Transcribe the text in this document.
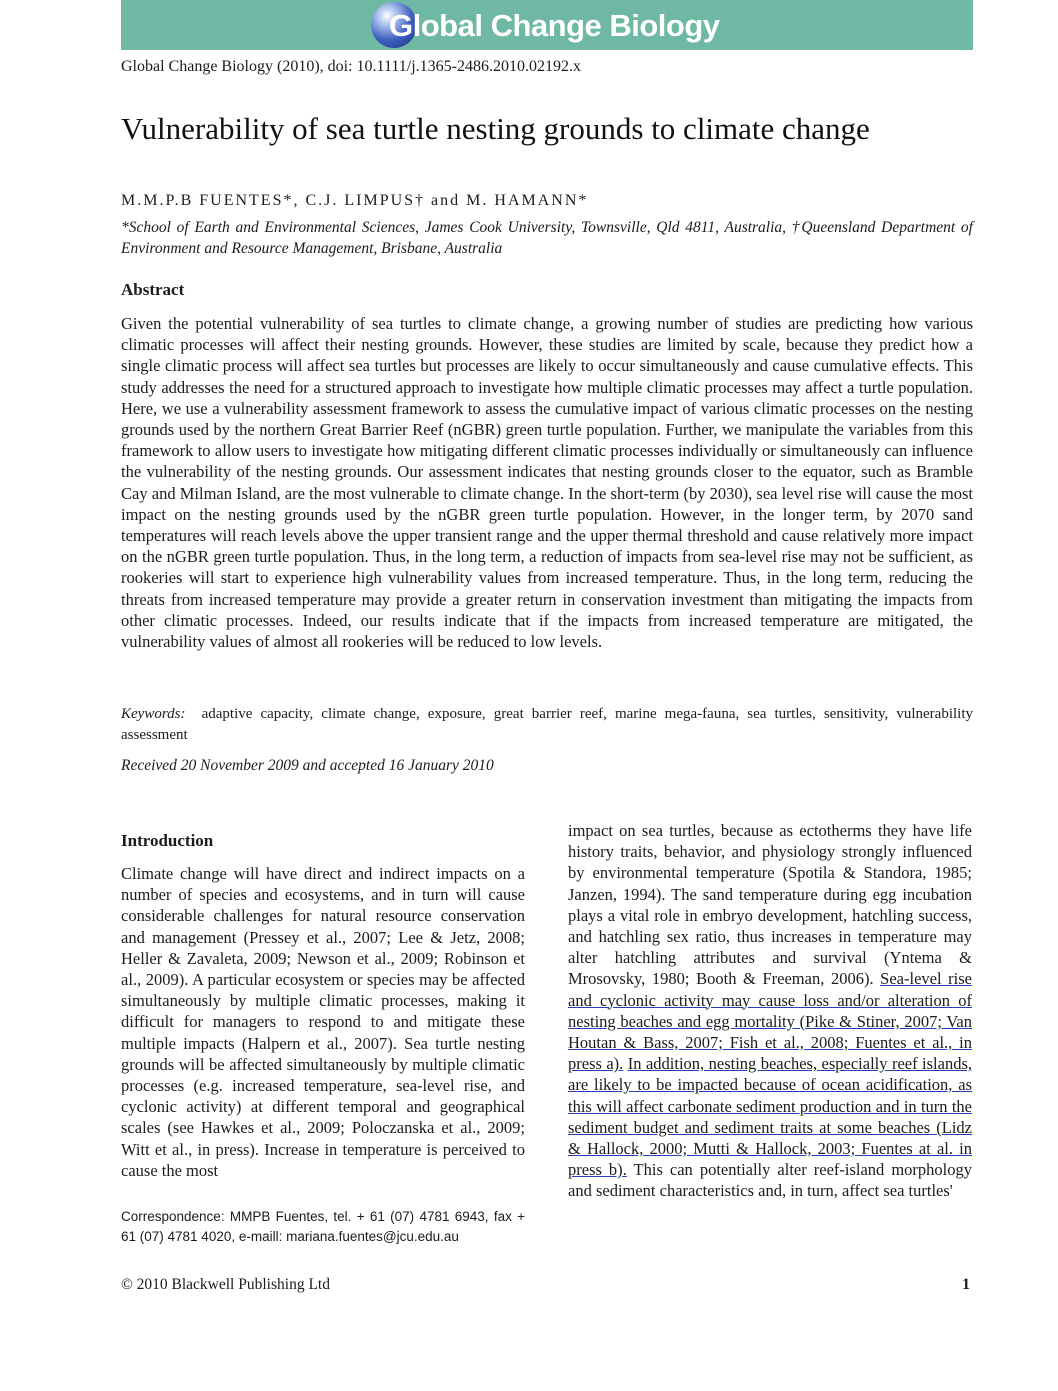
Global Change Biology
Global Change Biology (2010), doi: 10.1111/j.1365-2486.2010.02192.x
Vulnerability of sea turtle nesting grounds to climate change
M.M.P.B FUENTES*, C.J. LIMPUS† and M. HAMANN*
*School of Earth and Environmental Sciences, James Cook University, Townsville, Qld 4811, Australia, †Queensland Department of Environment and Resource Management, Brisbane, Australia
Abstract

Given the potential vulnerability of sea turtles to climate change, a growing number of studies are predicting how various climatic processes will affect their nesting grounds. However, these studies are limited by scale, because they predict how a single climatic process will affect sea turtles but processes are likely to occur simultaneously and cause cumulative effects. This study addresses the need for a structured approach to investigate how multiple climatic processes may affect a turtle population. Here, we use a vulnerability assessment framework to assess the cumulative impact of various climatic processes on the nesting grounds used by the northern Great Barrier Reef (nGBR) green turtle population. Further, we manipulate the variables from this framework to allow users to investigate how mitigating different climatic processes individually or simultaneously can influence the vulnerability of the nesting grounds. Our assessment indicates that nesting grounds closer to the equator, such as Bramble Cay and Milman Island, are the most vulnerable to climate change. In the short-term (by 2030), sea level rise will cause the most impact on the nesting grounds used by the nGBR green turtle population. However, in the longer term, by 2070 sand temperatures will reach levels above the upper transient range and the upper thermal threshold and cause relatively more impact on the nGBR green turtle population. Thus, in the long term, a reduction of impacts from sea-level rise may not be sufficient, as rookeries will start to experience high vulnerability values from increased temperature. Thus, in the long term, reducing the threats from increased temperature may provide a greater return in conservation investment than mitigating the impacts from other climatic processes. Indeed, our results indicate that if the impacts from increased temperature are mitigated, the vulnerability values of almost all rookeries will be reduced to low levels.

Keywords: adaptive capacity, climate change, exposure, great barrier reef, marine mega-fauna, sea turtles, sensitivity, vulnerability assessment

Received 20 November 2009 and accepted 16 January 2010

Introduction

Climate change will have direct and indirect impacts on a number of species and ecosystems, and in turn will cause considerable challenges for natural resource conservation and management (Pressey et al., 2007; Lee & Jetz, 2008; Heller & Zavaleta, 2009; Newson et al., 2009; Robinson et al., 2009). A particular ecosystem or species may be affected simultaneously by multiple climatic processes, making it difficult for managers to respond to and mitigate these multiple impacts (Halpern et al., 2007). Sea turtle nesting grounds will be affected simultaneously by multiple climatic processes (e.g. increased temperature, sea-level rise, and cyclonic activity) at different temporal and geographical scales (see Hawkes et al., 2009; Poloczanska et al., 2009; Witt et al., in press). Increase in temperature is perceived to cause the most

impact on sea turtles, because as ectotherms they have life history traits, behavior, and physiology strongly influenced by environmental temperature (Spotila & Standora, 1985; Janzen, 1994). The sand temperature during egg incubation plays a vital role in embryo development, hatchling success, and hatchling sex ratio, thus increases in temperature may alter hatchling attributes and survival (Yntema & Mrosovsky, 1980; Booth & Freeman, 2006). Sea-level rise and cyclonic activity may cause loss and/or alteration of nesting beaches and egg mortality (Pike & Stiner, 2007; Van Houtan & Bass, 2007; Fish et al., 2008; Fuentes et al., in press a). In addition, nesting beaches, especially reef islands, are likely to be impacted because of ocean acidification, as this will affect carbonate sediment production and in turn the sediment budget and sediment traits at some beaches (Lidz & Hallock, 2000; Mutti & Hallock, 2003; Fuentes at al. in press b). This can potentially alter reef-island morphology and sediment characteristics and, in turn, affect sea turtles'

Correspondence: MMPB Fuentes, tel. + 61 (07) 4781 6943, fax + 61 (07) 4781 4020, e-maill: mariana.fuentes@jcu.edu.au

© 2010 Blackwell Publishing Ltd	1
